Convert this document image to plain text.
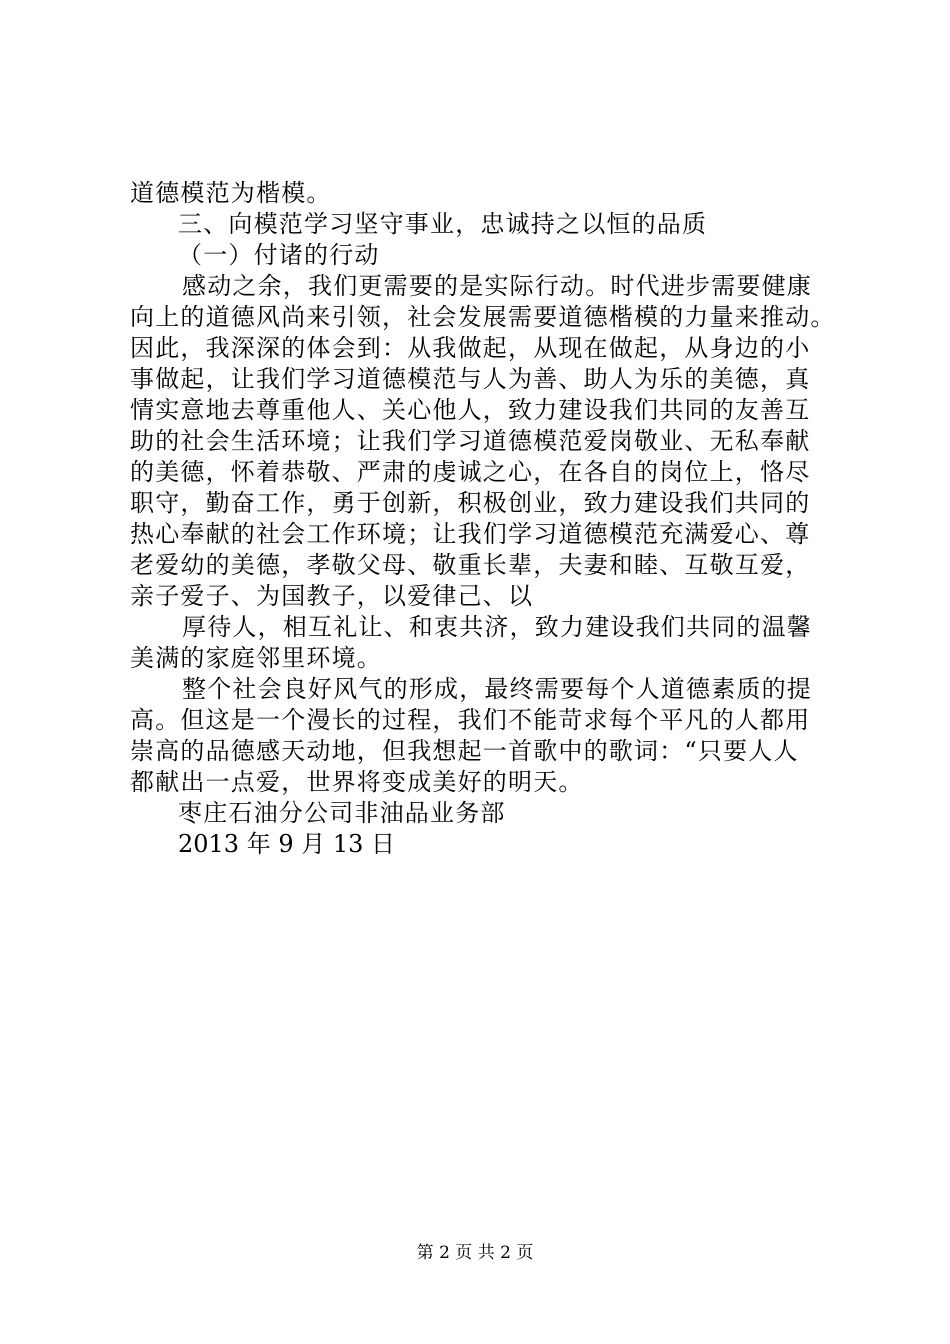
道德模范为楷模。
三、向模范学习坚守事业，忠诚持之以恒的品质
（一）付诸的行动
感动之余，我们更需要的是实际行动。时代进步需要健康
向上的道德风尚来引领，社会发展需要道德楷模的力量来推动。
因此，我深深的体会到：从我做起，从现在做起，从身边的小
事做起，让我们学习道德模范与人为善、助人为乐的美德，真
情实意地去尊重他人、关心他人，致力建设我们共同的友善互
助的社会生活环境；让我们学习道德模范爱岗敬业、无私奉献
的美德，怀着恭敬、严肃的虔诚之心，在各自的岗位上，恪尽
职守，勤奋工作，勇于创新，积极创业，致力建设我们共同的
热心奉献的社会工作环境；让我们学习道德模范充满爱心、尊
老爱幼的美德，孝敬父母、敬重长辈，夫妻和睦、互敬互爱，
亲子爱子、为国教子，以爱律己、以
厚待人，相互礼让、和衷共济，致力建设我们共同的温馨
美满的家庭邻里环境。
整个社会良好风气的形成，最终需要每个人道德素质的提
高。但这是一个漫长的过程，我们不能苛求每个平凡的人都用
崇高的品德感天动地，但我想起一首歌中的歌词：“只要人人
都献出一点爱，世界将变成美好的明天。
枣庄石油分公司非油品业务部
2013 年 9 月 13 日
第 2 页 共 2 页
